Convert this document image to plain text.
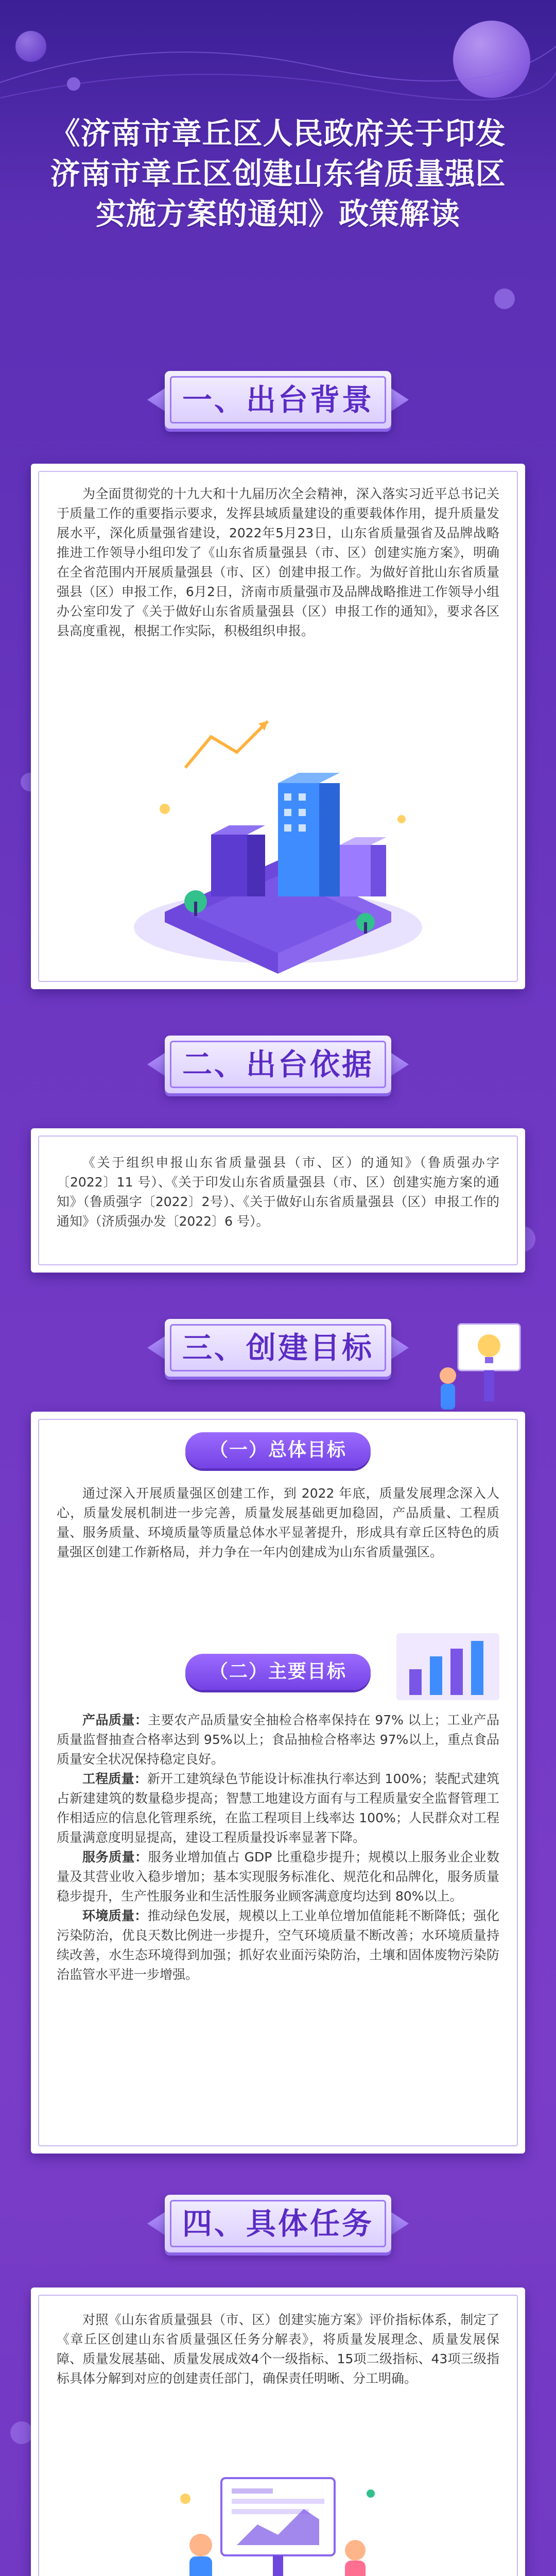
《济南市章丘区人民政府关于印发
济南市章丘区创建山东省质量强区
实施方案的通知》政策解读
一、出台背景
为全面贯彻党的十九大和十九届历次全会精神，深入落实习近平总书记关于质量工作的重要指示要求，发挥县域质量建设的重要载体作用，提升质量发展水平，深化质量强省建设，2022年5月23日，山东省质量强省及品牌战略推进工作领导小组印发了《山东省质量强县（市、区）创建实施方案》，明确在全省范围内开展质量强县（市、区）创建申报工作。为做好首批山东省质量强县（区）申报工作，6月2日，济南市质量强市及品牌战略推进工作领导小组办公室印发了《关于做好山东省质量强县（区）申报工作的通知》，要求各区县高度重视，根据工作实际，积极组织申报。
二、出台依据
《关于组织申报山东省质量强县（市、区）的通知》（鲁质强办字〔2022〕11 号）、《关于印发山东省质量强县（市、区）创建实施方案的通知》（鲁质强字〔2022〕2号）、《关于做好山东省质量强县（区）申报工作的通知》（济质强办发〔2022〕6 号）。
三、创建目标
（一）总体目标
通过深入开展质量强区创建工作，到 2022 年底，质量发展理念深入人心，质量发展机制进一步完善，质量发展基础更加稳固，产品质量、工程质量、服务质量、环境质量等质量总体水平显著提升，形成具有章丘区特色的质量强区创建工作新格局，并力争在一年内创建成为山东省质量强区。
（二）主要目标
产品质量：主要农产品质量安全抽检合格率保持在 97% 以上；工业产品质量监督抽查合格率达到 95%以上；食品抽检合格率达 97%以上，重点食品质量安全状况保持稳定良好。
工程质量：新开工建筑绿色节能设计标准执行率达到 100%；装配式建筑占新建建筑的数量稳步提高；智慧工地建设方面有与工程质量安全监督管理工作相适应的信息化管理系统，在监工程项目上线率达 100%；人民群众对工程质量满意度明显提高，建设工程质量投诉率显著下降。
服务质量：服务业增加值占 GDP 比重稳步提升；规模以上服务业企业数量及其营业收入稳步增加；基本实现服务标准化、规范化和品牌化，服务质量稳步提升，生产性服务业和生活性服务业顾客满意度均达到 80%以上。
环境质量：推动绿色发展，规模以上工业单位增加值能耗不断降低；强化污染防治，优良天数比例进一步提升，空气环境质量不断改善；水环境质量持续改善，水生态环境得到加强；抓好农业面污染防治，土壤和固体废物污染防治监管水平进一步增强。
四、具体任务
对照《山东省质量强县（市、区）创建实施方案》评价指标体系，制定了《章丘区创建山东省质量强区任务分解表》，将质量发展理念、质量发展保障、质量发展基础、质量发展成效4个一级指标、15项二级指标、43项三级指标具体分解到对应的创建责任部门，确保责任明晰、分工明确。
